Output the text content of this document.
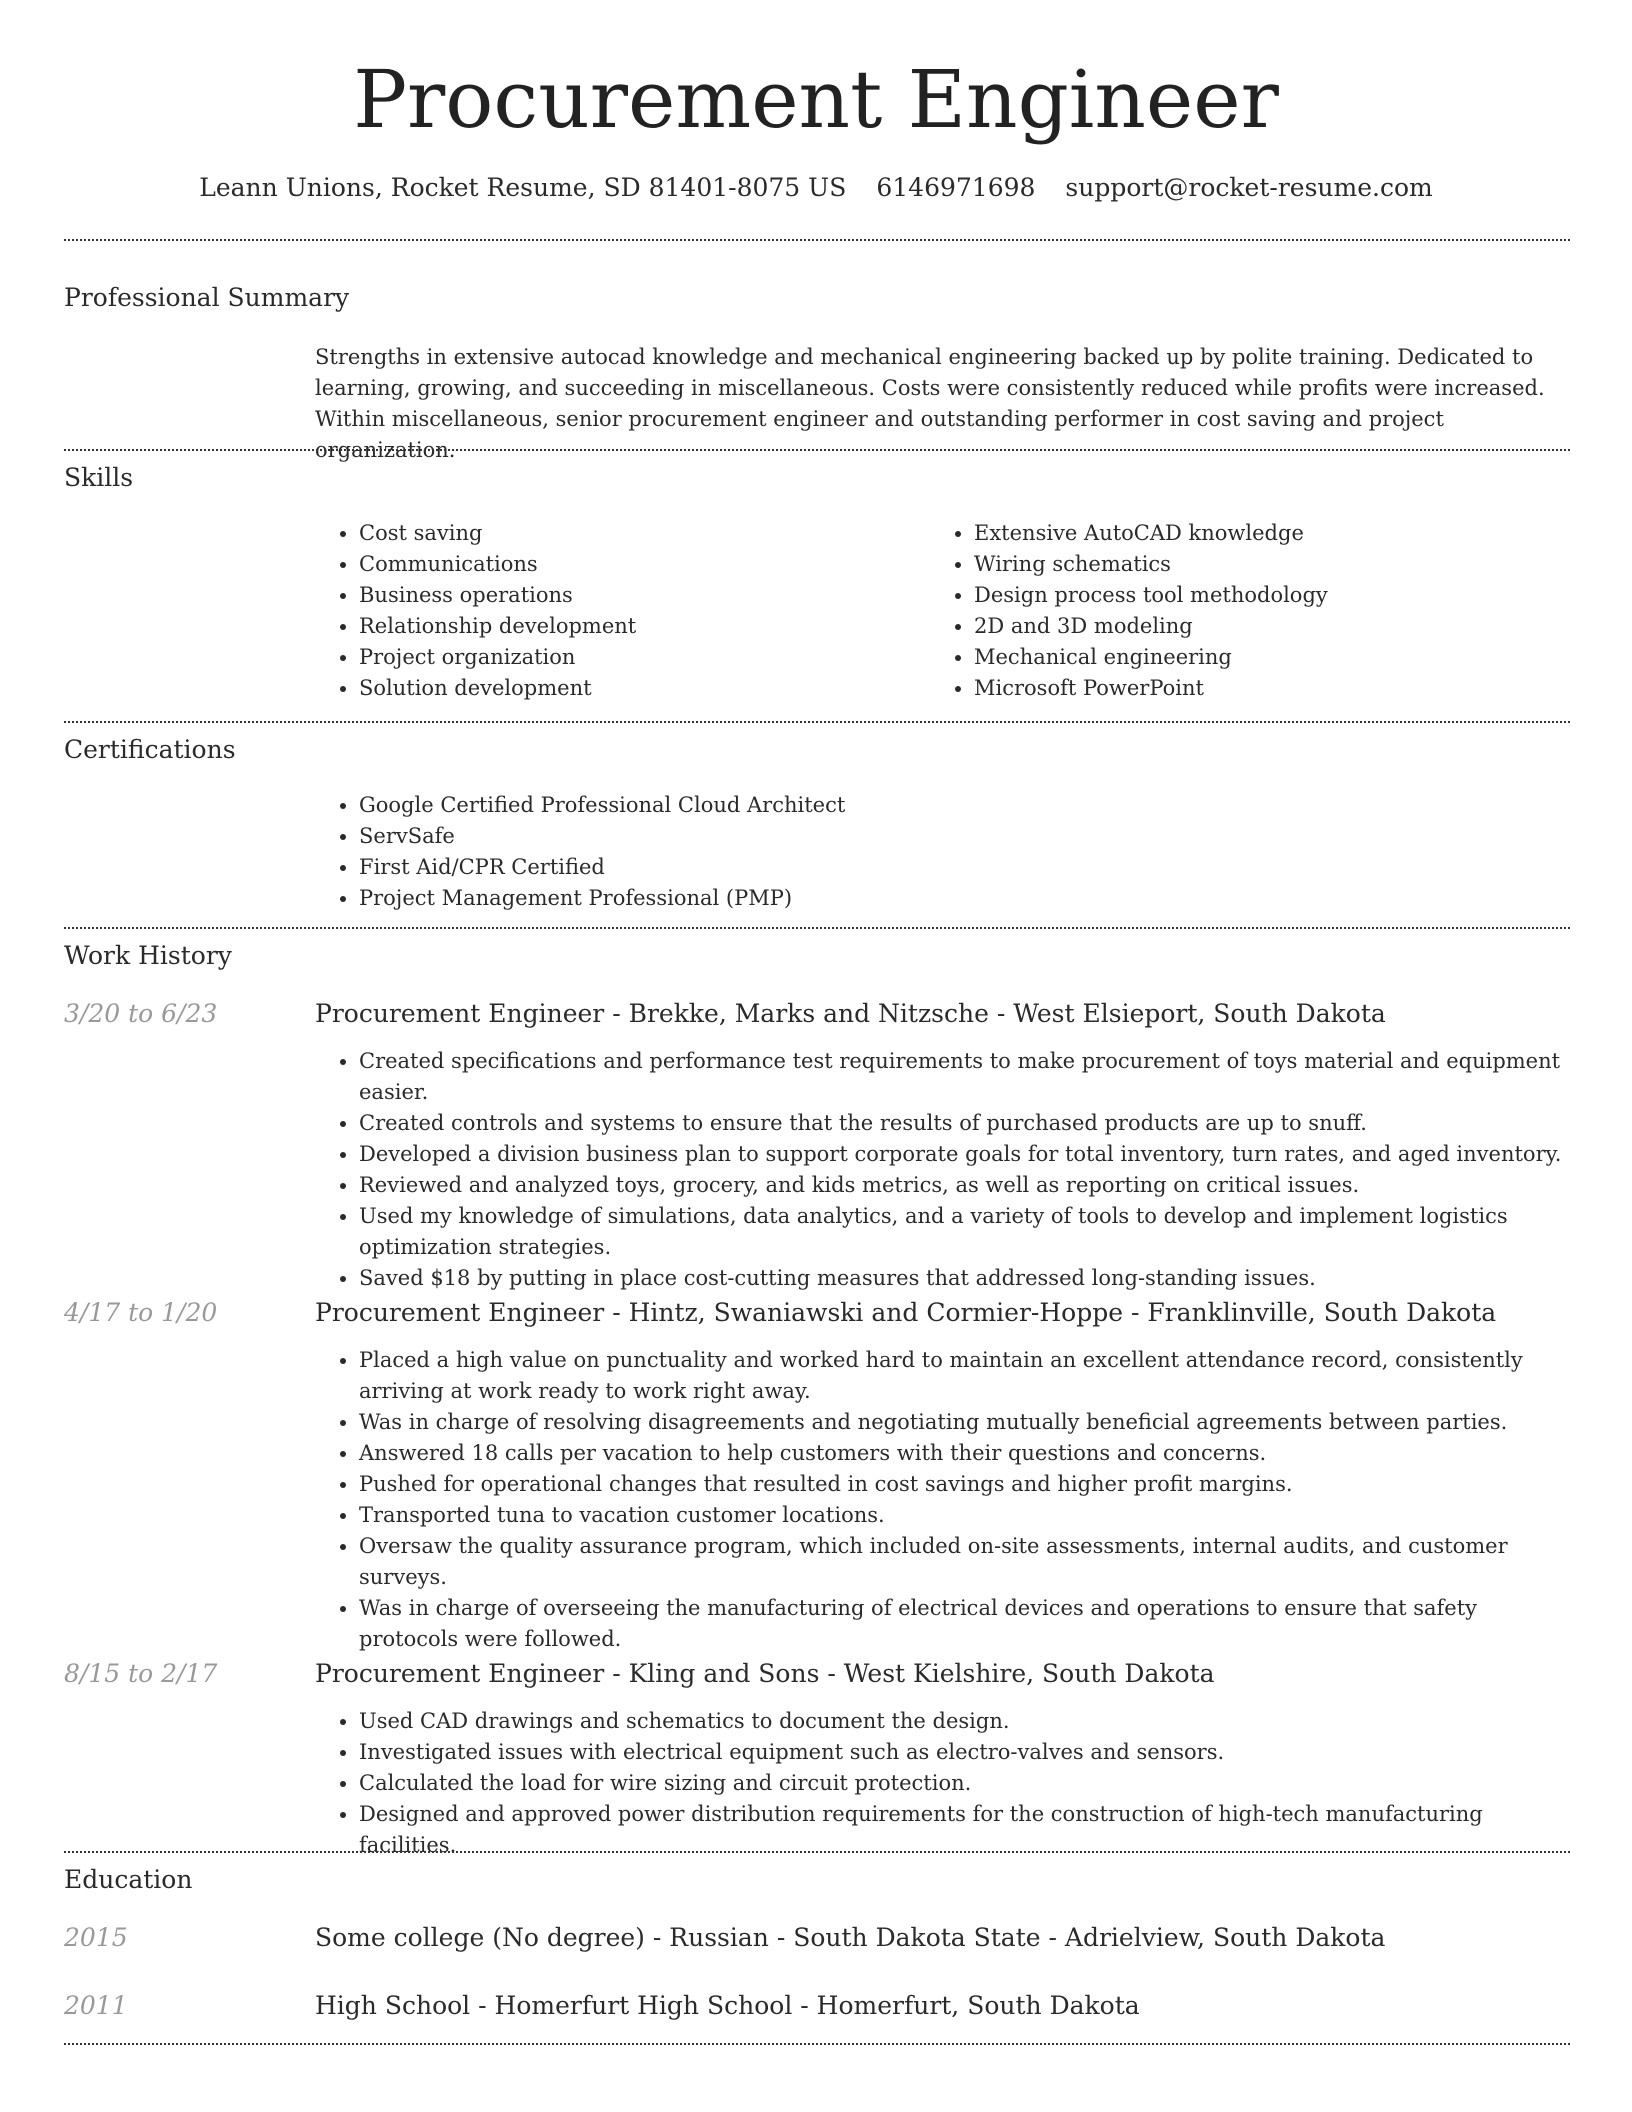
Procurement Engineer
Leann Unions, Rocket Resume, SD 81401-8075 US 6146971698 support@rocket-resume.com
Professional Summary
Strengths in extensive autocad knowledge and mechanical engineering backed up by polite training. Dedicated to learning, growing, and succeeding in miscellaneous. Costs were consistently reduced while profits were increased. Within miscellaneous, senior procurement engineer and outstanding performer in cost saving and project organization.
Skills
• Cost saving
• Communications
• Business operations
• Relationship development
• Project organization
• Solution development
• Extensive AutoCAD knowledge
• Wiring schematics
• Design process tool methodology
• 2D and 3D modeling
• Mechanical engineering
• Microsoft PowerPoint
Certifications
• Google Certified Professional Cloud Architect
• ServSafe
• First Aid/CPR Certified
• Project Management Professional (PMP)
Work History
3/20 to 6/23	Procurement Engineer - Brekke, Marks and Nitzsche - West Elsieport, South Dakota
• Created specifications and performance test requirements to make procurement of toys material and equipment easier.
• Created controls and systems to ensure that the results of purchased products are up to snuff.
• Developed a division business plan to support corporate goals for total inventory, turn rates, and aged inventory.
• Reviewed and analyzed toys, grocery, and kids metrics, as well as reporting on critical issues.
• Used my knowledge of simulations, data analytics, and a variety of tools to develop and implement logistics optimization strategies.
• Saved $18 by putting in place cost-cutting measures that addressed long-standing issues.
4/17 to 1/20	Procurement Engineer - Hintz, Swaniawski and Cormier-Hoppe - Franklinville, South Dakota
• Placed a high value on punctuality and worked hard to maintain an excellent attendance record, consistently arriving at work ready to work right away.
• Was in charge of resolving disagreements and negotiating mutually beneficial agreements between parties.
• Answered 18 calls per vacation to help customers with their questions and concerns.
• Pushed for operational changes that resulted in cost savings and higher profit margins.
• Transported tuna to vacation customer locations.
• Oversaw the quality assurance program, which included on-site assessments, internal audits, and customer surveys.
• Was in charge of overseeing the manufacturing of electrical devices and operations to ensure that safety protocols were followed.
8/15 to 2/17	Procurement Engineer - Kling and Sons - West Kielshire, South Dakota
• Used CAD drawings and schematics to document the design.
• Investigated issues with electrical equipment such as electro-valves and sensors.
• Calculated the load for wire sizing and circuit protection.
• Designed and approved power distribution requirements for the construction of high-tech manufacturing facilities.
Education
2015	Some college (No degree) - Russian - South Dakota State - Adrielview, South Dakota
2011	High School - Homerfurt High School - Homerfurt, South Dakota
